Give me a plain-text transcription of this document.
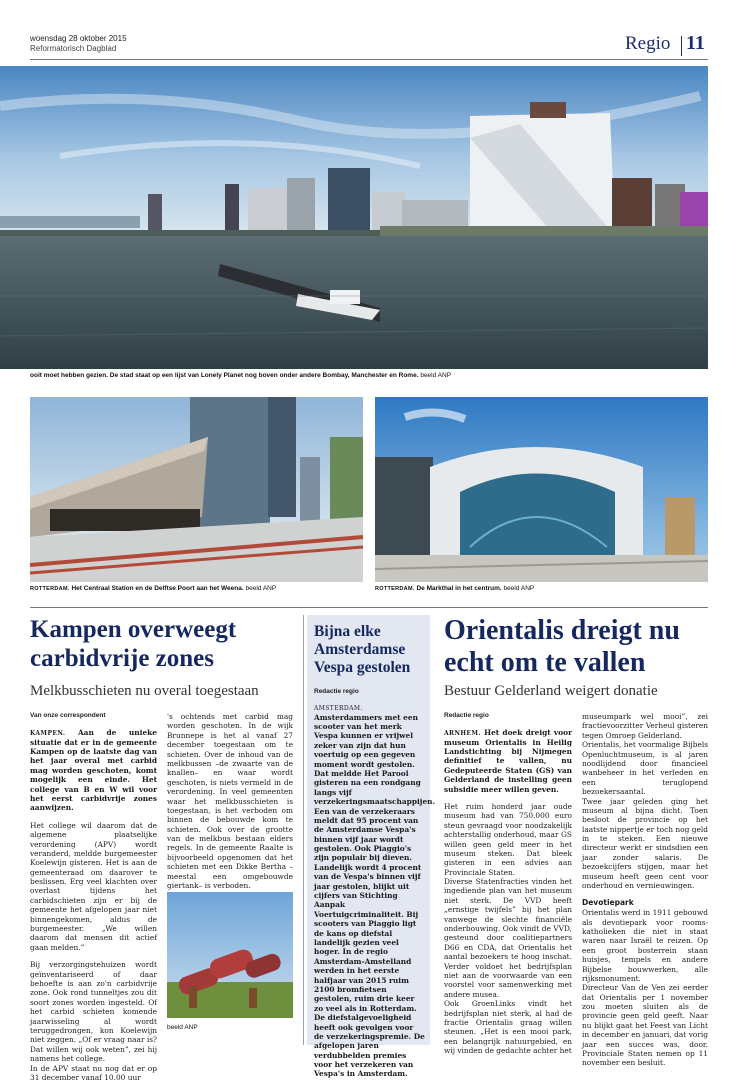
woensdag 28 oktober 2015
Reformatorisch Dagblad	Regio 11
ooit moet hebben gezien. De stad staat op een lijst van Lonely Planet nog boven onder andere Bombay, Manchester en Rome. beeld ANP
ROTTERDAM. Het Centraal Station en de Delftse Poort aan het Weena. beeld ANP	ROTTERDAM. De Markthal in het centrum. beeld ANP
Kampen overweegt
carbidvrije zones
Melkbusschieten nu overal toegestaan
Van onze correspondent

KAMPEN. Aan de unieke situatie dat er in de gemeente Kampen op de laatste dag van het jaar overal met carbid mag worden geschoten, komt mogelijk een einde. Het college van B en W wil voor het eerst carbidvrije zones aanwijzen.

Het college wil daarom dat de algemene plaatselijke verordening (APV) wordt veranderd, meldde burgemeester Koelewijn gisteren. Het is aan de gemeenteraad om daarover te beslissen. Erg veel klachten over overlast tijdens het carbidschieten zijn er bij de gemeente het afgelopen jaar niet binnengekomen, aldus de burgemeester. „We willen daarom dat mensen dit actief gaan melden.”

Bij verzorgingstehuizen wordt geïnventariseerd of daar behoefte is aan zo'n carbidvrije zone. Ook rond tunneltjes zou dit soort zones worden ingesteld. Of het carbid schieten komende jaarwisseling al wordt teruggedrongen, kon Koelewijn niet zeggen. „Of er vraag naar is? Dat willen wij ook weten”, zei hij namens het college.

In de APV staat nu nog dat er op 31 december vanaf 10.00 uur

's ochtends met carbid mag worden geschoten. In de wijk Brunnepe is het al vanaf 27 december toegestaan om te schieten. Over de inhoud van de melkbussen –de zwaarte van de knallen– en waar wordt geschoten, is niets vermeld in de verordening. In veel gemeenten waar het melkbusschieten is toegestaan, is het verboden om binnen de bebouwde kom te schieten. Ook over de grootte van de melkbus bestaan elders regels. In de gemeente Raalte is bijvoorbeeld opgenomen dat het schieten met een Dikke Bertha –meestal een omgebouwde giertank– is verboden.

beeld ANP
Bijna elke Amsterdamse Vespa gestolen
Redactie regio
AMSTERDAM. Amsterdammers met een scooter van het merk Vespa kunnen er vrijwel zeker van zijn dat hun voertuig op een gegeven moment wordt gestolen. Dat meldde Het Parool gisteren na een rondgang langs vijf verzekeringsmaatschappijen. Een van de verzekeraars meldt dat 95 procent van de Amsterdamse Vespa's binnen vijf jaar wordt gestolen. Ook Piaggio's zijn populair bij dieven. Landelijk wordt 4 procent van de Vespa's binnen vijf jaar gestolen, blijkt uit cijfers van Stichting Aanpak Voertuigcriminaliteit. Bij scooters van Piaggio ligt de kans op diefstal landelijk gezien veel hoger. In de regio Amsterdam-Amstelland werden in het eerste halfjaar van 2015 ruim 2100 bromfietsen gestolen, ruim drie keer zo veel als in Rotterdam. De diefstalgevoeligheid heeft ook gevolgen voor de verzekeringspremie. De afgelopen jaren verdubbelden premies voor het verzekeren van Vespa's in Amsterdam.
Orientalis dreigt nu
echt om te vallen
Bestuur Gelderland weigert donatie
Redactie regio

ARNHEM. Het doek dreigt voor museum Orientalis in Heilig Landstichting bij Nijmegen definitief te vallen, nu Gedeputeerde Staten (GS) van Gelderland de instelling geen subsidie meer willen geven.

Het ruim honderd jaar oude museum had van 750.000 euro steun gevraagd voor noodzakelijk achterstallig onderhoud, maar GS willen geen geld meer in het museum steken. Dat bleek gisteren in een advies aan Provinciale Staten.

Diverse Statenfracties vinden het ingediende plan van het museum niet sterk. De VVD heeft „ernstige twijfels” bij het plan vanwege de slechte financiële onderbouwing. Ook vindt de VVD, gesteund door coalitiepartners D66 en CDA, dat Orientalis het aantal bezoekers te hoog inschat. Verder voldoet het bedrijfsplan niet aan de voorwaarde van een voorstel voor samenwerking met andere musea.

Ook GroenLinks vindt het bedrijfsplan niet sterk, al had de fractie Orientalis graag willen steunen. „Het is een mooi park, een belangrijk natuurgebied, en wij vinden de gedachte achter het

museumpark wel mooi”, zei fractievoorzitter Verheul gisteren tegen Omroep Gelderland.

Orientalis, het voormalige Bijbels Openluchtmuseum, is al jaren noodlijdend door financieel wanbeheer in het verleden en een teruglopend bezoekersaantal.

Twee jaar geleden ging het museum al bijna dicht. Toen besloot de provincie op het laatste nippertje er toch nog geld in te steken. Een nieuwe directeur werkt er sindsdien een jaar zonder salaris. De bezoekcijfers stijgen, maar het museum heeft geen cent voor onderhoud en vernieuwingen.

Devotiepark

Orientalis werd in 1911 gebouwd als devotiepark voor rooms-katholieken die niet in staat waren naar Israël te reizen. Op een groot bosterrein staan huisjes, tempels en andere Bijbelse bouwwerken, alle rijksmonument.

Directeur Van de Ven zei eerder dat Orientalis per 1 november zou moeten sluiten als de provincie geen geld geeft. Naar nu blijkt gaat het Feest van Licht in december en januari, dat vorig jaar een succes was, door. Provinciale Staten nemen op 11 november een besluit.
